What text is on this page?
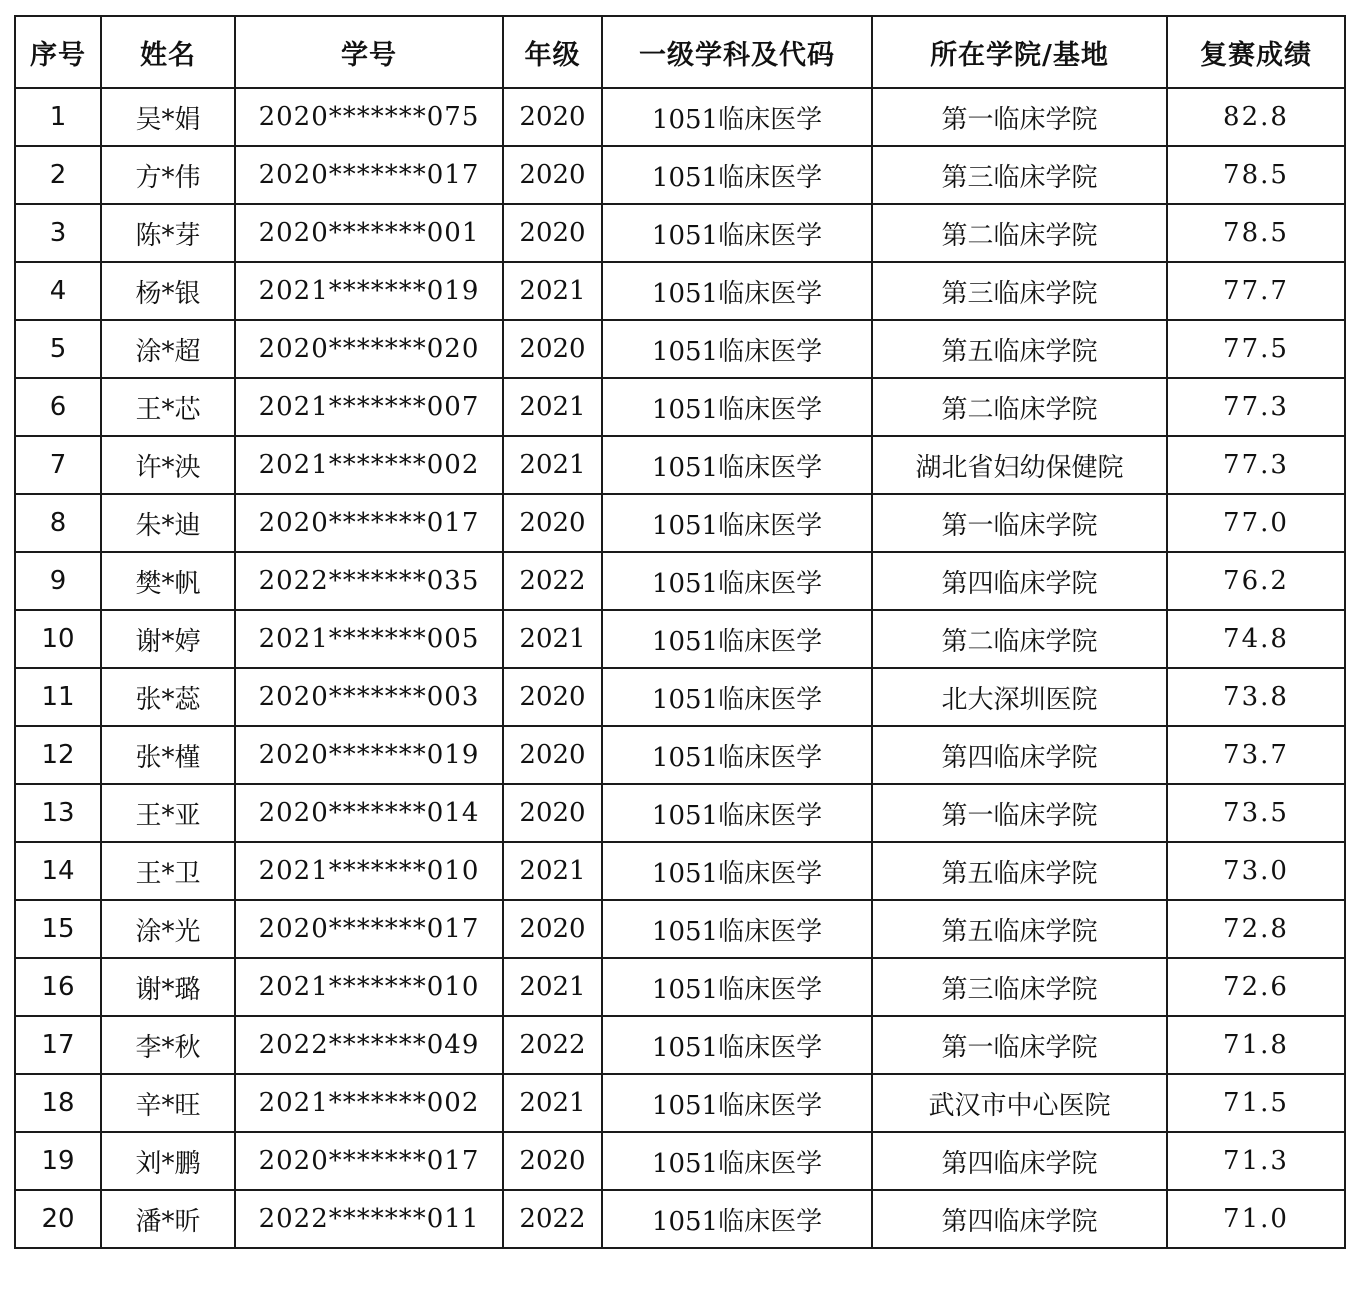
序号	姓名	学号	年级	一级学科及代码	所在学院/基地	复赛成绩
1	吴*娟	2020*******075	2020	1051临床医学	第一临床学院	82.8
2	方*伟	2020*******017	2020	1051临床医学	第三临床学院	78.5
3	陈*芽	2020*******001	2020	1051临床医学	第二临床学院	78.5
4	杨*银	2021*******019	2021	1051临床医学	第三临床学院	77.7
5	涂*超	2020*******020	2020	1051临床医学	第五临床学院	77.5
6	王*芯	2021*******007	2021	1051临床医学	第二临床学院	77.3
7	许*泱	2021*******002	2021	1051临床医学	湖北省妇幼保健院	77.3
8	朱*迪	2020*******017	2020	1051临床医学	第一临床学院	77.0
9	樊*帆	2022*******035	2022	1051临床医学	第四临床学院	76.2
10	谢*婷	2021*******005	2021	1051临床医学	第二临床学院	74.8
11	张*蕊	2020*******003	2020	1051临床医学	北大深圳医院	73.8
12	张*槿	2020*******019	2020	1051临床医学	第四临床学院	73.7
13	王*亚	2020*******014	2020	1051临床医学	第一临床学院	73.5
14	王*卫	2021*******010	2021	1051临床医学	第五临床学院	73.0
15	涂*光	2020*******017	2020	1051临床医学	第五临床学院	72.8
16	谢*璐	2021*******010	2021	1051临床医学	第三临床学院	72.6
17	李*秋	2022*******049	2022	1051临床医学	第一临床学院	71.8
18	辛*旺	2021*******002	2021	1051临床医学	武汉市中心医院	71.5
19	刘*鹏	2020*******017	2020	1051临床医学	第四临床学院	71.3
20	潘*昕	2022*******011	2022	1051临床医学	第四临床学院	71.0
